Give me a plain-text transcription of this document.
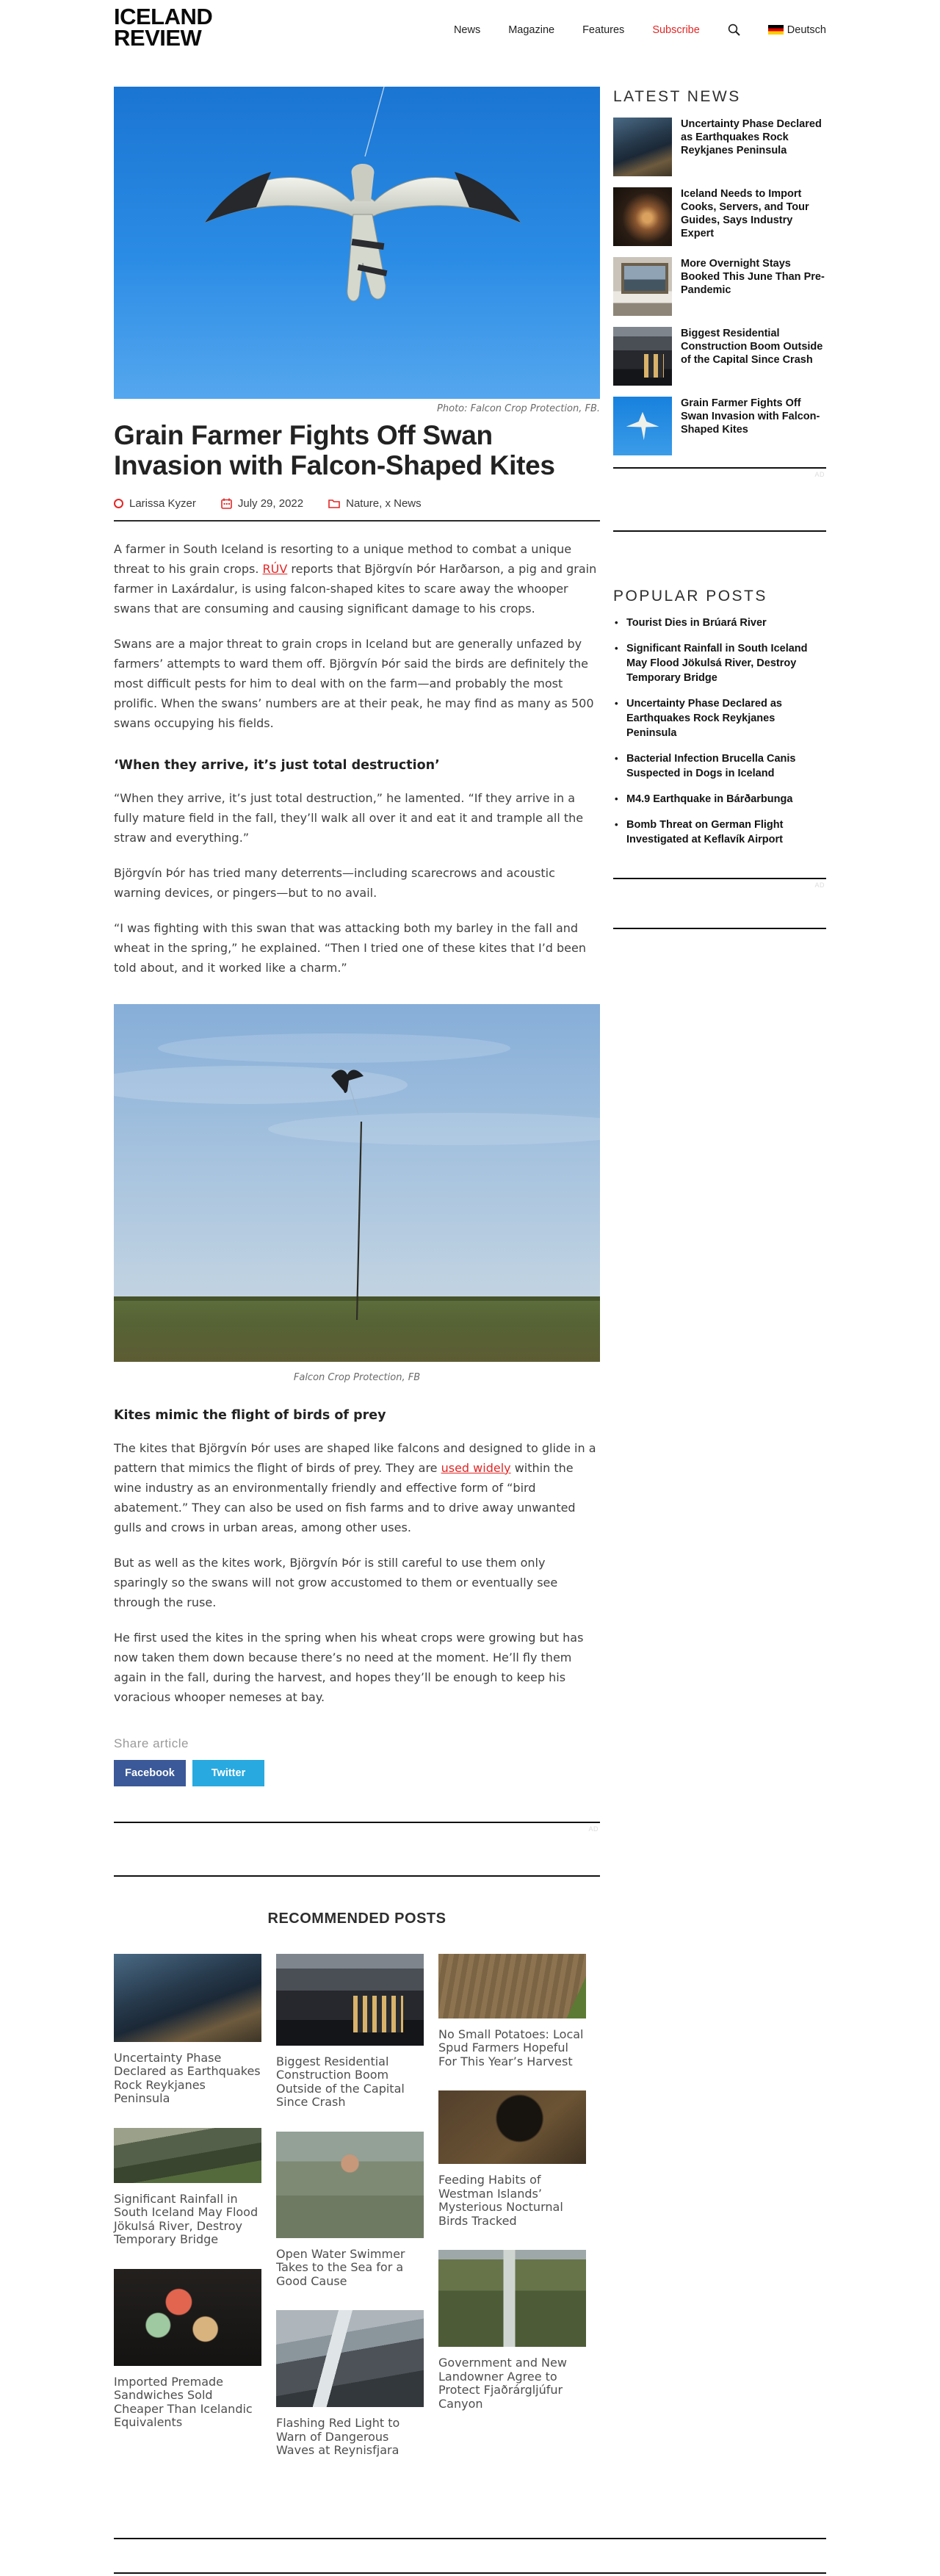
ICELAND
REVIEW	News	Magazine	Features	Subscribe	Deutsch
Photo: Falcon Crop Protection, FB.
Grain Farmer Fights Off Swan Invasion with Falcon-Shaped Kites
Larissa Kyzer	July 29, 2022	Nature, x News

A farmer in South Iceland is resorting to a unique method to combat a unique threat to his grain crops. RÚV reports that Björgvín Þór Harðarson, a pig and grain farmer in Laxárdalur, is using falcon-shaped kites to scare away the whooper swans that are consuming and causing significant damage to his crops.

Swans are a major threat to grain crops in Iceland but are generally unfazed by farmers’ attempts to ward them off. Björgvín Þór said the birds are definitely the most difficult pests for him to deal with on the farm—and probably the most prolific. When the swans’ numbers are at their peak, he may find as many as 500 swans occupying his fields.

‘When they arrive, it’s just total destruction’

“When they arrive, it’s just total destruction,” he lamented. “If they arrive in a fully mature field in the fall, they’ll walk all over it and eat it and trample all the straw and everything.”

Björgvín Þór has tried many deterrents—including scarecrows and acoustic warning devices, or pingers—but to no avail.

“I was fighting with this swan that was attacking both my barley in the fall and wheat in the spring,” he explained. “Then I tried one of these kites that I’d been told about, and it worked like a charm.”

Falcon Crop Protection, FB
Kites mimic the flight of birds of prey

The kites that Björgvín Þór uses are shaped like falcons and designed to glide in a pattern that mimics the flight of birds of prey. They are used widely within the wine industry as an environmentally friendly and effective form of “bird abatement.” They can also be used on fish farms and to drive away unwanted gulls and crows in urban areas, among other uses.

But as well as the kites work, Björgvín Þór is still careful to use them only sparingly so the swans will not grow accustomed to them or eventually see through the ruse.

He first used the kites in the spring when his wheat crops were growing but has now taken them down because there’s no need at the moment. He’ll fly them again in the fall, during the harvest, and hopes they’ll be enough to keep his voracious whooper nemeses at bay.

Share article
Facebook	Twitter
AD
RECOMMENDED POSTS
Uncertainty Phase Declared as Earthquakes Rock Reykjanes Peninsula
Significant Rainfall in South Iceland May Flood Jökulsá River, Destroy Temporary Bridge
Imported Premade Sandwiches Sold Cheaper Than Icelandic Equivalents
Biggest Residential Construction Boom Outside of the Capital Since Crash
Open Water Swimmer Takes to the Sea for a Good Cause
Flashing Red Light to Warn of Dangerous Waves at Reynisfjara
No Small Potatoes: Local Spud Farmers Hopeful For This Year’s Harvest
Feeding Habits of Westman Islands’ Mysterious Nocturnal Birds Tracked
Government and New Landowner Agree to Protect Fjaðrárgljúfur Canyon
LATEST NEWS
Uncertainty Phase Declared as Earthquakes Rock Reykjanes Peninsula
Iceland Needs to Import Cooks, Servers, and Tour Guides, Says Industry Expert
More Overnight Stays Booked This June Than Pre-Pandemic
Biggest Residential Construction Boom Outside of the Capital Since Crash
Grain Farmer Fights Off Swan Invasion with Falcon-Shaped Kites
AD
POPULAR POSTS
• Tourist Dies in Brúará River
• Significant Rainfall in South Iceland May Flood Jökulsá River, Destroy Temporary Bridge
• Uncertainty Phase Declared as Earthquakes Rock Reykjanes Peninsula
• Bacterial Infection Brucella Canis Suspected in Dogs in Iceland
• M4.9 Earthquake in Bárðarbunga
• Bomb Threat on German Flight Investigated at Keflavík Airport
AD
